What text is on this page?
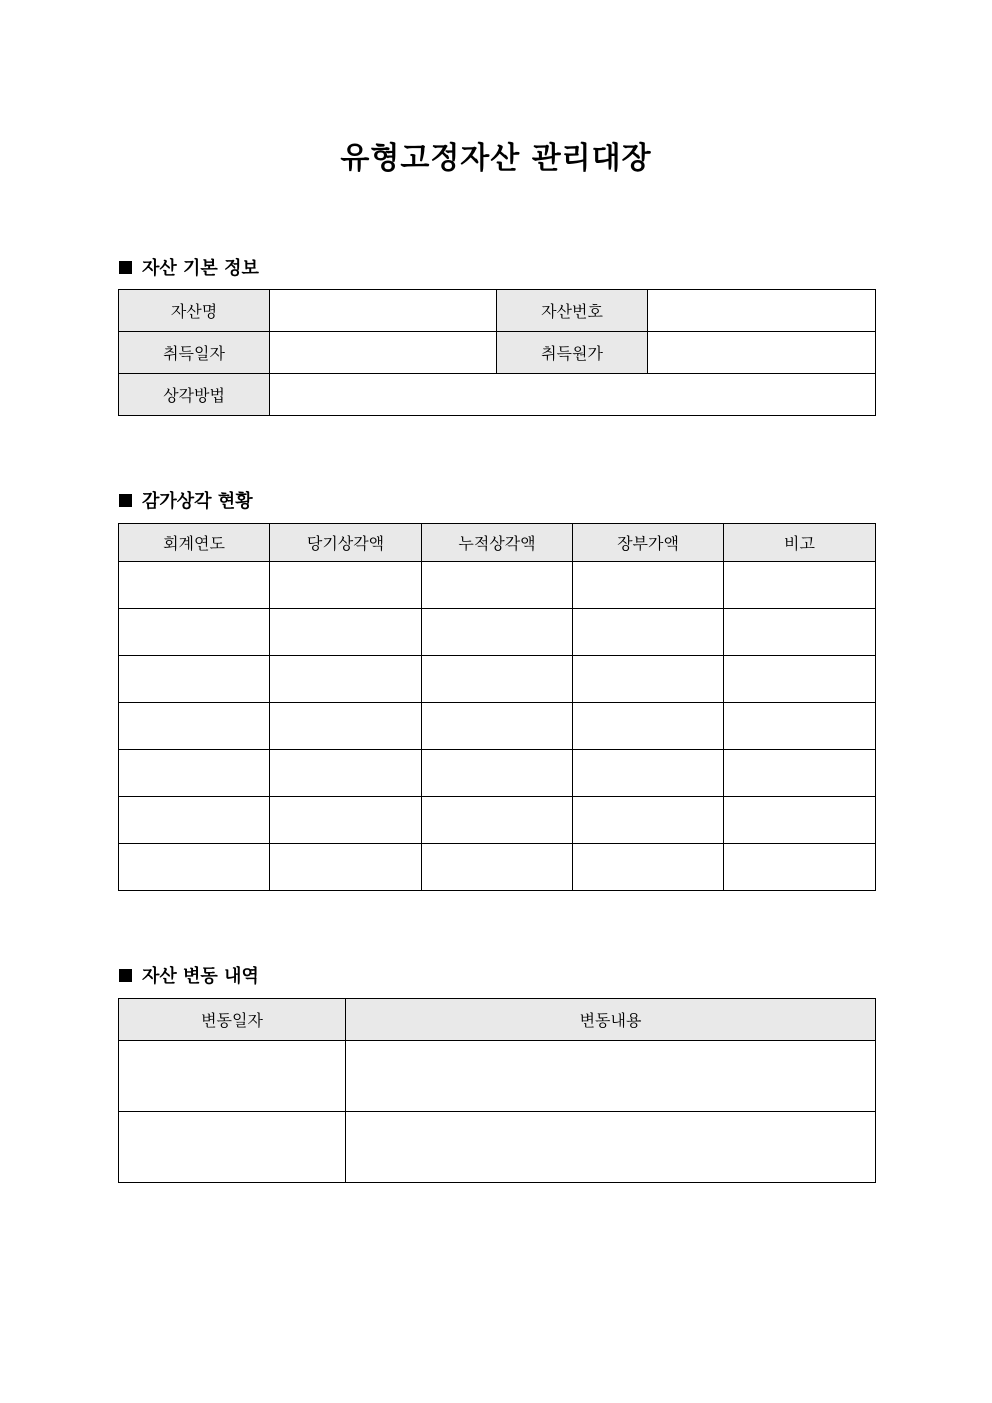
유형고정자산 관리대장
자산 기본 정보
자산명		자산번호	
취득일자		취득원가	
상각방법			
감가상각 현황
회계연도	당기상각액	누적상각액	장부가액	비고

자산 변동 내역
변동일자	변동내용
